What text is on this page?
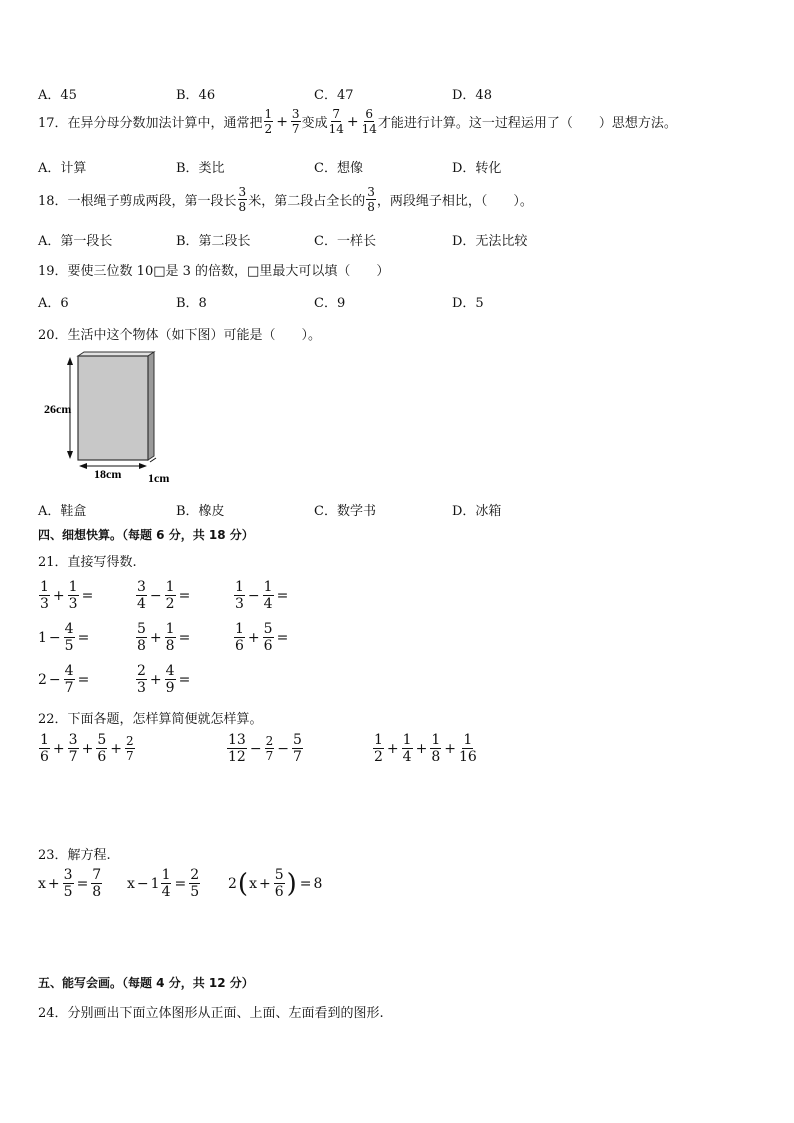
A．45	B．46	C．47	D．48
17．在异分母分数加法计算中，通常把 $\frac{1}{2} + \frac{3}{7}$ 变成 $\frac{7}{14} + \frac{6}{14}$ 才能进行计算。这一过程运用了（　　）思想方法。
A．计算	B．类比	C．想像	D．转化
18．一根绳子剪成两段，第一段长 $\frac{3}{8}$ 米，第二段占全长的 $\frac{3}{8}$ ，两段绳子相比，（　　）。
A．第一段长	B．第二段长	C．一样长	D．无法比较
19．要使三位数 10□是 3 的倍数，□里最大可以填（　　）
A．6	B．8	C．9	D．5
20．生活中这个物体（如下图）可能是（　　）。
26cm
18cm 1cm
A．鞋盒	B．橡皮	C．数学书	D．冰箱
四、细想快算。（每题 6 分，共 18 分）
21．直接写得数.
$\frac{1}{3} + \frac{1}{3}$ =	$\frac{3}{4} - \frac{1}{2}$ =	$\frac{1}{3} - \frac{1}{4}$ =
$1 - \frac{4}{5}$ =	$\frac{5}{8} + \frac{1}{8}$ =	$\frac{1}{6} + \frac{5}{6}$ =
$2 - \frac{4}{7}$ =	$\frac{2}{3} + \frac{4}{9}$ =
22．下面各题，怎样算简便就怎样算。
$\frac{1}{6} + \frac{3}{7} + \frac{5}{6} + \frac{2}{7}$	$\frac{13}{12} - \frac{2}{7} - \frac{5}{7}$	$\frac{1}{2} + \frac{1}{4} + \frac{1}{8} + \frac{1}{16}$
23．解方程.
$x + \frac{3}{5} = \frac{7}{8}$ $x - 1 \frac{1}{4} = \frac{2}{5} 2$ ( $x + \frac{5}{6}$ ) = 8
五、能写会画。（每题 4 分，共 12 分）
24．分别画出下面立体图形从正面、上面、左面看到的图形.
